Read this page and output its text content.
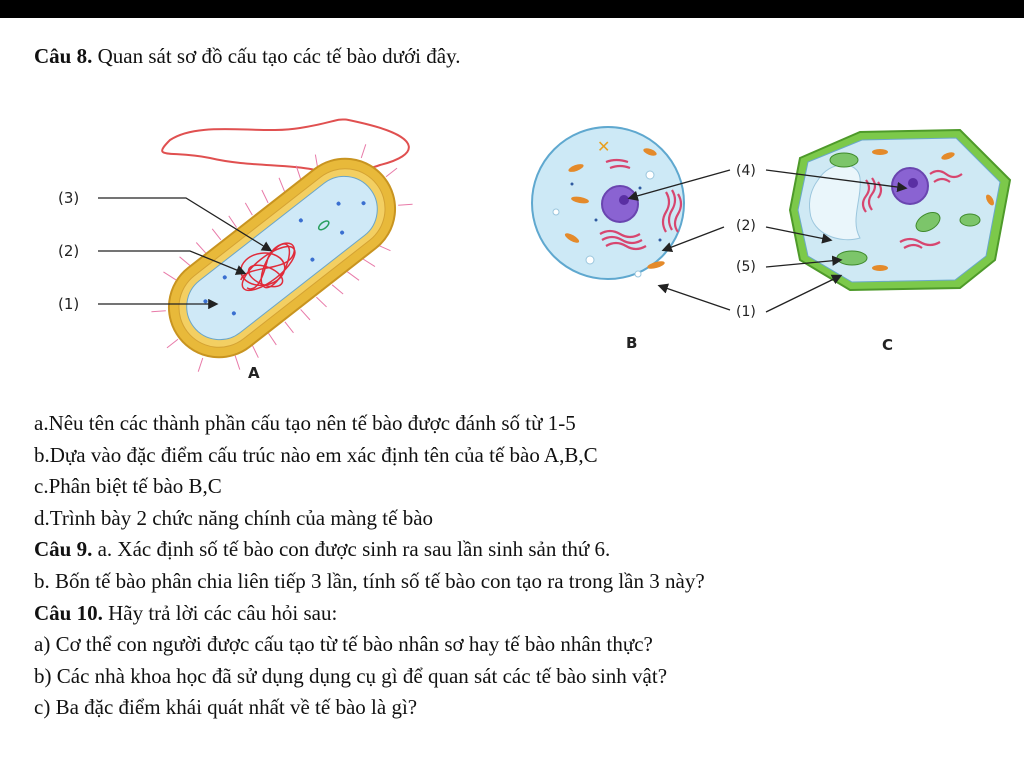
Câu 8. Quan sát sơ đồ cấu tạo các tế bào dưới đây.
(3)
(2)
(1)
A
✕
B
(4)
(2)
(5)
(1)
C
a.Nêu tên các thành phần cấu tạo nên tế bào được đánh số từ 1-5
b.Dựa vào đặc điểm cấu trúc nào em xác định tên của tế bào A,B,C
c.Phân biệt tế bào B,C
d.Trình bày 2 chức năng chính của màng tế bào
Câu 9. a. Xác định số tế bào con được sinh ra sau lần sinh sản thứ 6.
b. Bốn tế bào phân chia liên tiếp 3 lần, tính số tế bào con tạo ra trong lần 3 này?
Câu 10. Hãy trả lời các câu hỏi sau:
a) Cơ thể con người được cấu tạo từ tế bào nhân sơ hay tế bào nhân thực?
b) Các nhà khoa học đã sử dụng dụng cụ gì để quan sát các tế bào sinh vật?
c) Ba đặc điểm khái quát nhất về tế bào là gì?
